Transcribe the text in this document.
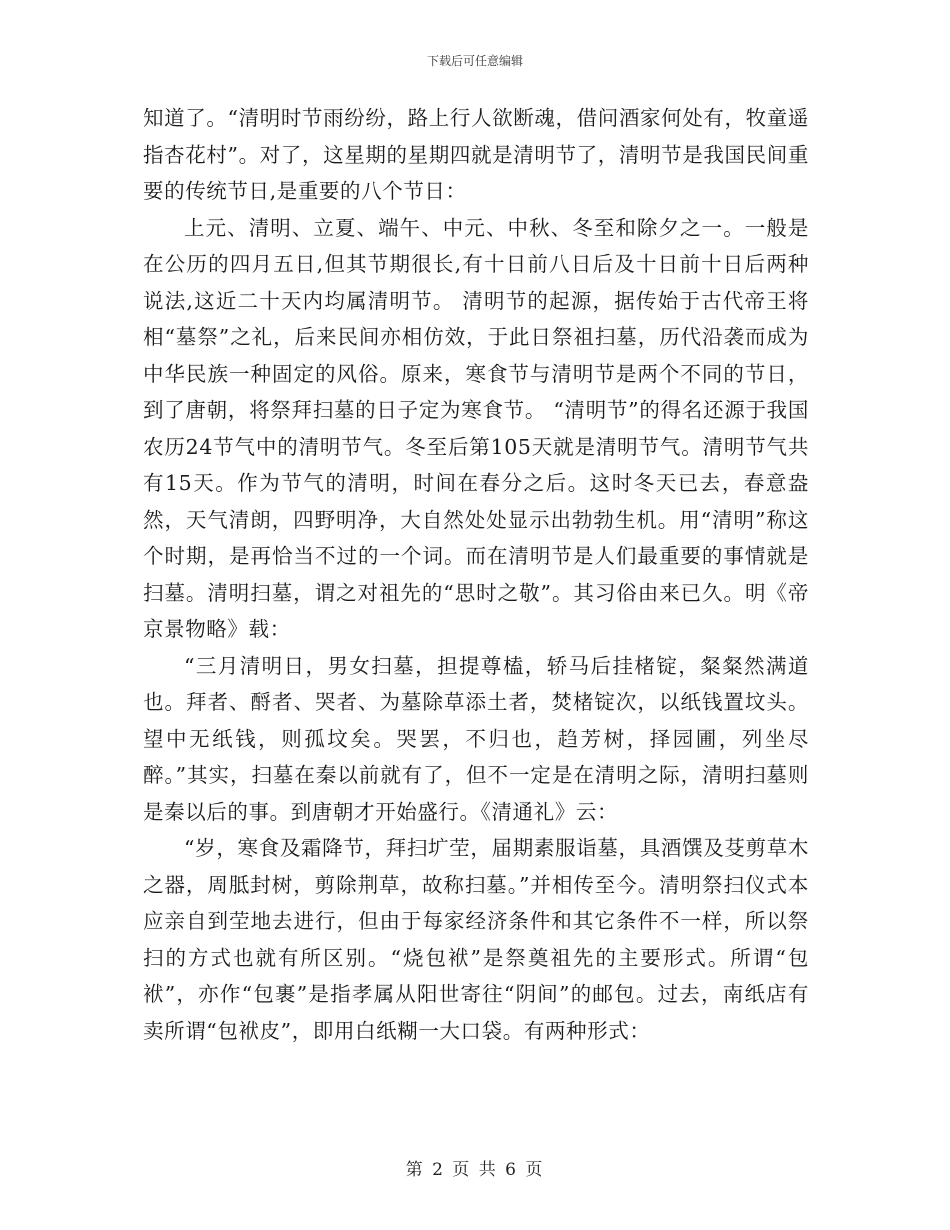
下载后可任意编辑

知道了。“清明时节雨纷纷，路上行人欲断魂，借问酒家何处有，牧童遥指杏花村”。对了，这星期的星期四就是清明节了，清明节是我国民间重要的传统节日,是重要的八个节日：

上元、清明、立夏、端午、中元、中秋、冬至和除夕之一。一般是在公历的四月五日,但其节期很长,有十日前八日后及十日前十日后两种说法,这近二十天内均属清明节。 清明节的起源，据传始于古代帝王将相“墓祭”之礼，后来民间亦相仿效，于此日祭祖扫墓，历代沿袭而成为中华民族一种固定的风俗。原来，寒食节与清明节是两个不同的节日，到了唐朝，将祭拜扫墓的日子定为寒食节。 “清明节”的得名还源于我国农历24节气中的清明节气。冬至后第105天就是清明节气。清明节气共有15天。作为节气的清明，时间在春分之后。这时冬天已去，春意盎然，天气清朗，四野明净，大自然处处显示出勃勃生机。用“清明”称这个时期，是再恰当不过的一个词。而在清明节是人们最重要的事情就是扫墓。清明扫墓，谓之对祖先的“思时之敬”。其习俗由来已久。明《帝京景物略》载：

“三月清明日，男女扫墓，担提尊榼，轿马后挂楮锭，粲粲然满道也。拜者、酹者、哭者、为墓除草添土者，焚楮锭次，以纸钱置坟头。望中无纸钱，则孤坟矣。哭罢，不归也，趋芳树，择园圃，列坐尽醉。”其实，扫墓在秦以前就有了，但不一定是在清明之际，清明扫墓则是秦以后的事。到唐朝才开始盛行。《清通礼》云：

“岁，寒食及霜降节，拜扫圹茔，届期素服诣墓，具酒馔及芟剪草木之器，周胝封树，剪除荆草，故称扫墓。”并相传至今。清明祭扫仪式本应亲自到茔地去进行，但由于每家经济条件和其它条件不一样，所以祭扫的方式也就有所区别。“烧包袱”是祭奠祖先的主要形式。所谓“包袱”，亦作“包裹”是指孝属从阳世寄往“阴间”的邮包。过去，南纸店有卖所谓“包袱皮”，即用白纸糊一大口袋。有两种形式：

第 2 页 共 6 页
